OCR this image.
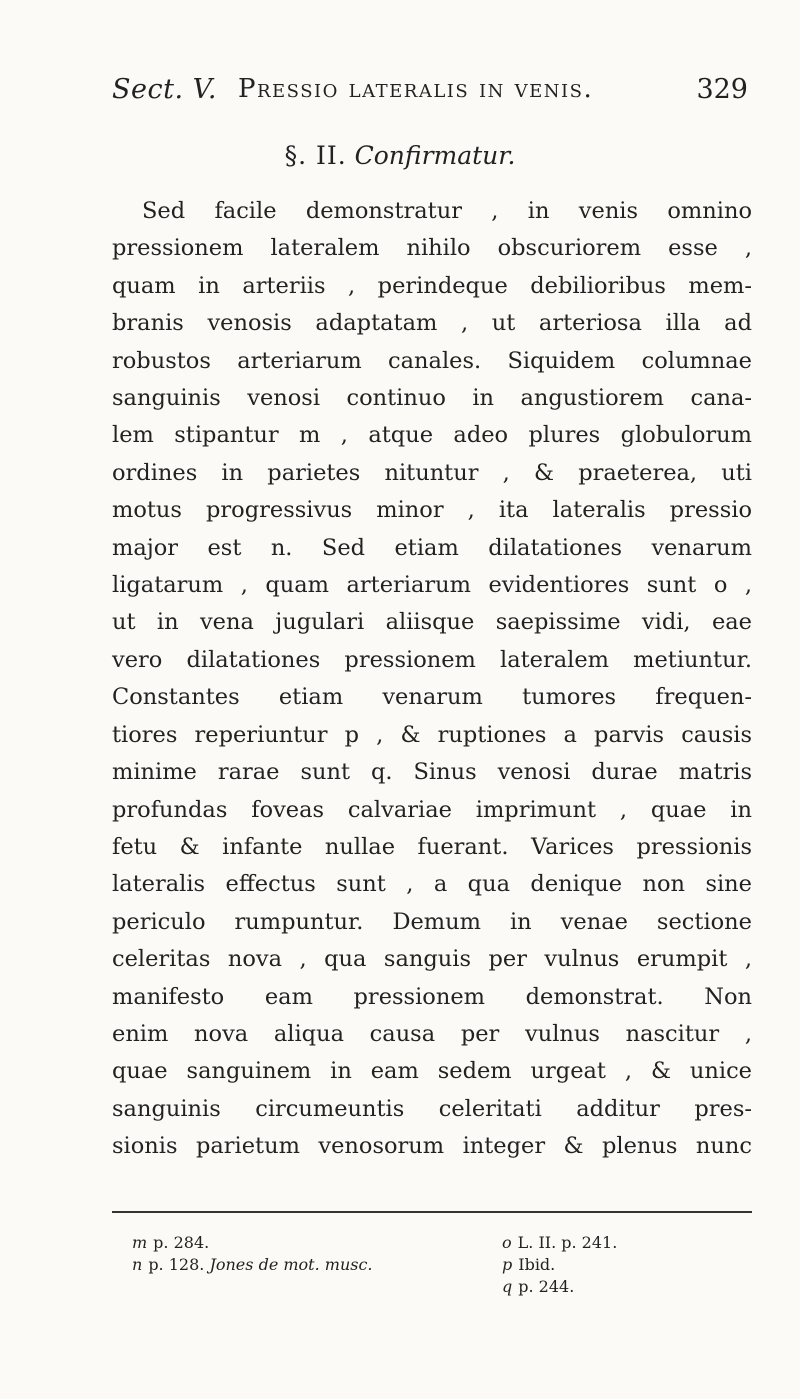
Sect. V. Pressio lateralis in venis.	329
§. II. Confirmatur.
Sed facile demonstratur , in venis omnino
pressionem lateralem nihilo obscuriorem esse ,
quam in arteriis , perindeque debilioribus mem-
branis venosis adaptatam , ut arteriosa illa ad
robustos arteriarum canales. Siquidem columnae
sanguinis venosi continuo in angustiorem cana-
lem stipantur m , atque adeo plures globulorum
ordines in parietes nituntur , & praeterea, uti
motus progressivus minor , ita lateralis pressio
major est n. Sed etiam dilatationes venarum
ligatarum , quam arteriarum evidentiores sunt o ,
ut in vena jugulari aliisque saepissime vidi, eae
vero dilatationes pressionem lateralem metiuntur.
Constantes etiam venarum tumores frequen-
tiores reperiuntur p , & ruptiones a parvis causis
minime rarae sunt q. Sinus venosi durae matris
profundas foveas calvariae imprimunt , quae in
fetu & infante nullae fuerant. Varices pressionis
lateralis effectus sunt , a qua denique non sine
periculo rumpuntur. Demum in venae sectione
celeritas nova , qua sanguis per vulnus erumpit ,
manifesto eam pressionem demonstrat. Non
enim nova aliqua causa per vulnus nascitur ,
quae sanguinem in eam sedem urgeat , & unice
sanguinis circumeuntis celeritati additur pres-
sionis parietum venosorum integer & plenus nunc
m p. 284.
n p. 128. Jones de mot. musc.
o L. II. p. 241.
p Ibid.
q p. 244.
